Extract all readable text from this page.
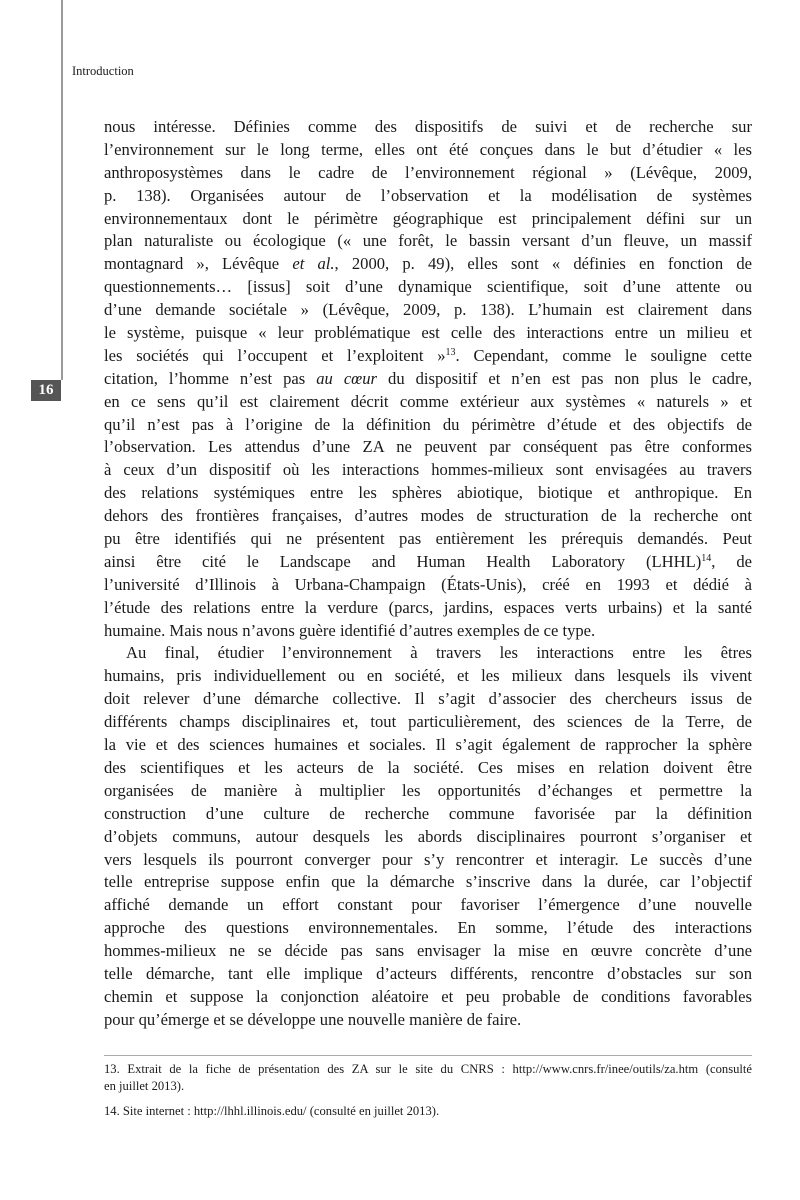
16
Introduction
nous intéresse. Définies comme des dispositifs de suivi et de recherche sur
l’environnement sur le long terme, elles ont été conçues dans le but d’étudier « les
anthroposystèmes dans le cadre de l’environnement régional » (Lévêque, 2009,
p. 138). Organisées autour de l’observation et la modélisation de systèmes
environnementaux dont le périmètre géographique est principalement défini sur un
plan naturaliste ou écologique (« une forêt, le bassin versant d’un fleuve, un massif
montagnard », Lévêque et al., 2000, p. 49), elles sont « définies en fonction de
questionnements… [issus] soit d’une dynamique scientifique, soit d’une attente ou
d’une demande sociétale » (Lévêque, 2009, p. 138). L’humain est clairement dans
le système, puisque « leur problématique est celle des interactions entre un milieu et
les sociétés qui l’occupent et l’exploitent »$^{13}$. Cependant, comme le souligne cette
citation, l’homme n’est pas au cœur du dispositif et n’en est pas non plus le cadre,
en ce sens qu’il est clairement décrit comme extérieur aux systèmes « naturels » et
qu’il n’est pas à l’origine de la définition du périmètre d’étude et des objectifs de
l’observation. Les attendus d’une ZA ne peuvent par conséquent pas être conformes
à ceux d’un dispositif où les interactions hommes-milieux sont envisagées au travers
des relations systémiques entre les sphères abiotique, biotique et anthropique. En
dehors des frontières françaises, d’autres modes de structuration de la recherche ont
pu être identifiés qui ne présentent pas entièrement les prérequis demandés. Peut
ainsi être cité le Landscape and Human Health Laboratory (LHHL)$^{14}$, de
l’université d’Illinois à Urbana-Champaign (États-Unis), créé en 1993 et dédié à
l’étude des relations entre la verdure (parcs, jardins, espaces verts urbains) et la santé
humaine. Mais nous n’avons guère identifié d’autres exemples de ce type.
Au final, étudier l’environnement à travers les interactions entre les êtres
humains, pris individuellement ou en société, et les milieux dans lesquels ils vivent
doit relever d’une démarche collective. Il s’agit d’associer des chercheurs issus de
différents champs disciplinaires et, tout particulièrement, des sciences de la Terre, de
la vie et des sciences humaines et sociales. Il s’agit également de rapprocher la sphère
des scientifiques et les acteurs de la société. Ces mises en relation doivent être
organisées de manière à multiplier les opportunités d’échanges et permettre la
construction d’une culture de recherche commune favorisée par la définition
d’objets communs, autour desquels les abords disciplinaires pourront s’organiser et
vers lesquels ils pourront converger pour s’y rencontrer et interagir. Le succès d’une
telle entreprise suppose enfin que la démarche s’inscrive dans la durée, car l’objectif
affiché demande un effort constant pour favoriser l’émergence d’une nouvelle
approche des questions environnementales. En somme, l’étude des interactions
hommes-milieux ne se décide pas sans envisager la mise en œuvre concrète d’une
telle démarche, tant elle implique d’acteurs différents, rencontre d’obstacles sur son
chemin et suppose la conjonction aléatoire et peu probable de conditions favorables
pour qu’émerge et se développe une nouvelle manière de faire.
13. Extrait de la fiche de présentation des ZA sur le site du CNRS : http://www.cnrs.fr/inee/outils/za.htm (consulté
en juillet 2013).
14. Site internet : http://lhhl.illinois.edu/ (consulté en juillet 2013).
